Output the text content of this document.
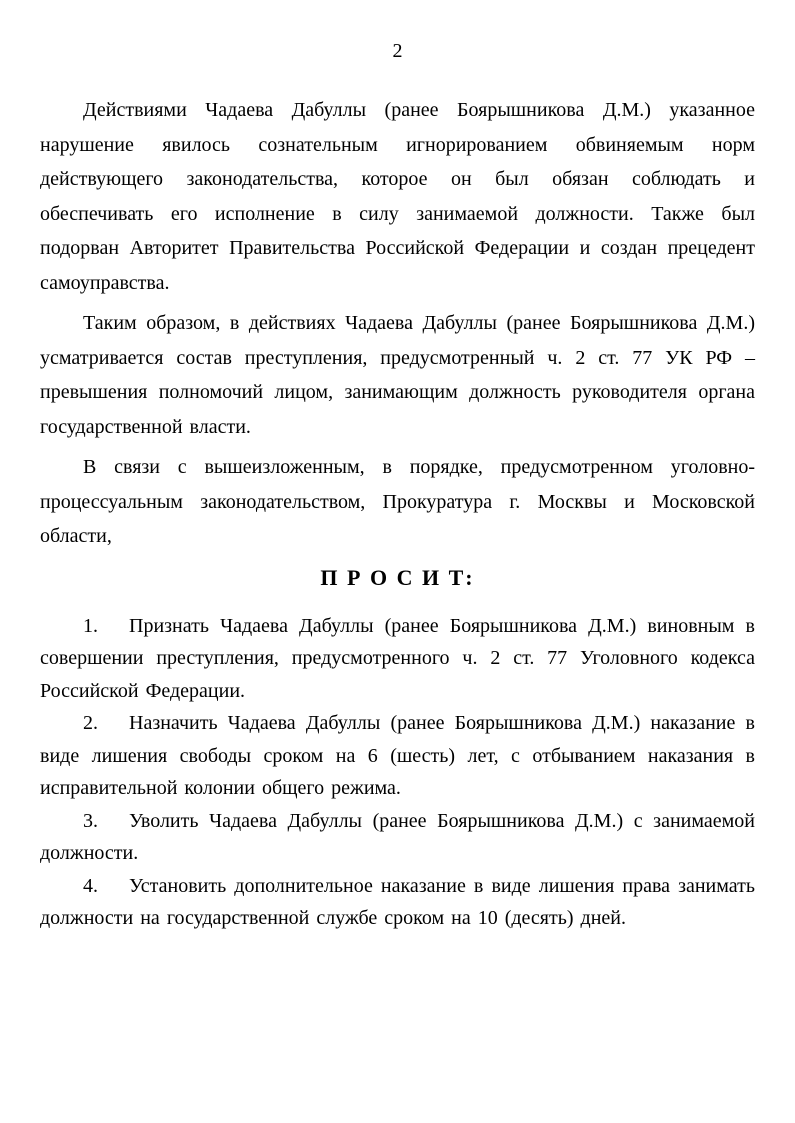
2

Действиями Чадаева Дабуллы (ранее Боярышникова Д.М.) указанное нарушение явилось сознательным игнорированием обвиняемым норм действующего законодательства, которое он был обязан соблюдать и обеспечивать его исполнение в силу занимаемой должности. Также был подорван Авторитет Правительства Российской Федерации и создан прецедент самоуправства.

Таким образом, в действиях Чадаева Дабуллы (ранее Боярышникова Д.М.) усматривается состав преступления, предусмотренный ч. 2 ст. 77 УК РФ – превышения полномочий лицом, занимающим должность руководителя органа государственной власти.

В связи с вышеизложенным, в порядке, предусмотренном уголовно-процессуальным законодательством, Прокуратура г. Москвы и Московской области,

П Р О С И Т:

1. Признать Чадаева Дабуллы (ранее Боярышникова Д.М.) виновным в совершении преступления, предусмотренного ч. 2 ст. 77 Уголовного кодекса Российской Федерации.

2. Назначить Чадаева Дабуллы (ранее Боярышникова Д.М.) наказание в виде лишения свободы сроком на 6 (шесть) лет, с отбыванием наказания в исправительной колонии общего режима.

3. Уволить Чадаева Дабуллы (ранее Боярышникова Д.М.) с занимаемой должности.

4. Установить дополнительное наказание в виде лишения права занимать должности на государственной службе сроком на 10 (десять) дней.
